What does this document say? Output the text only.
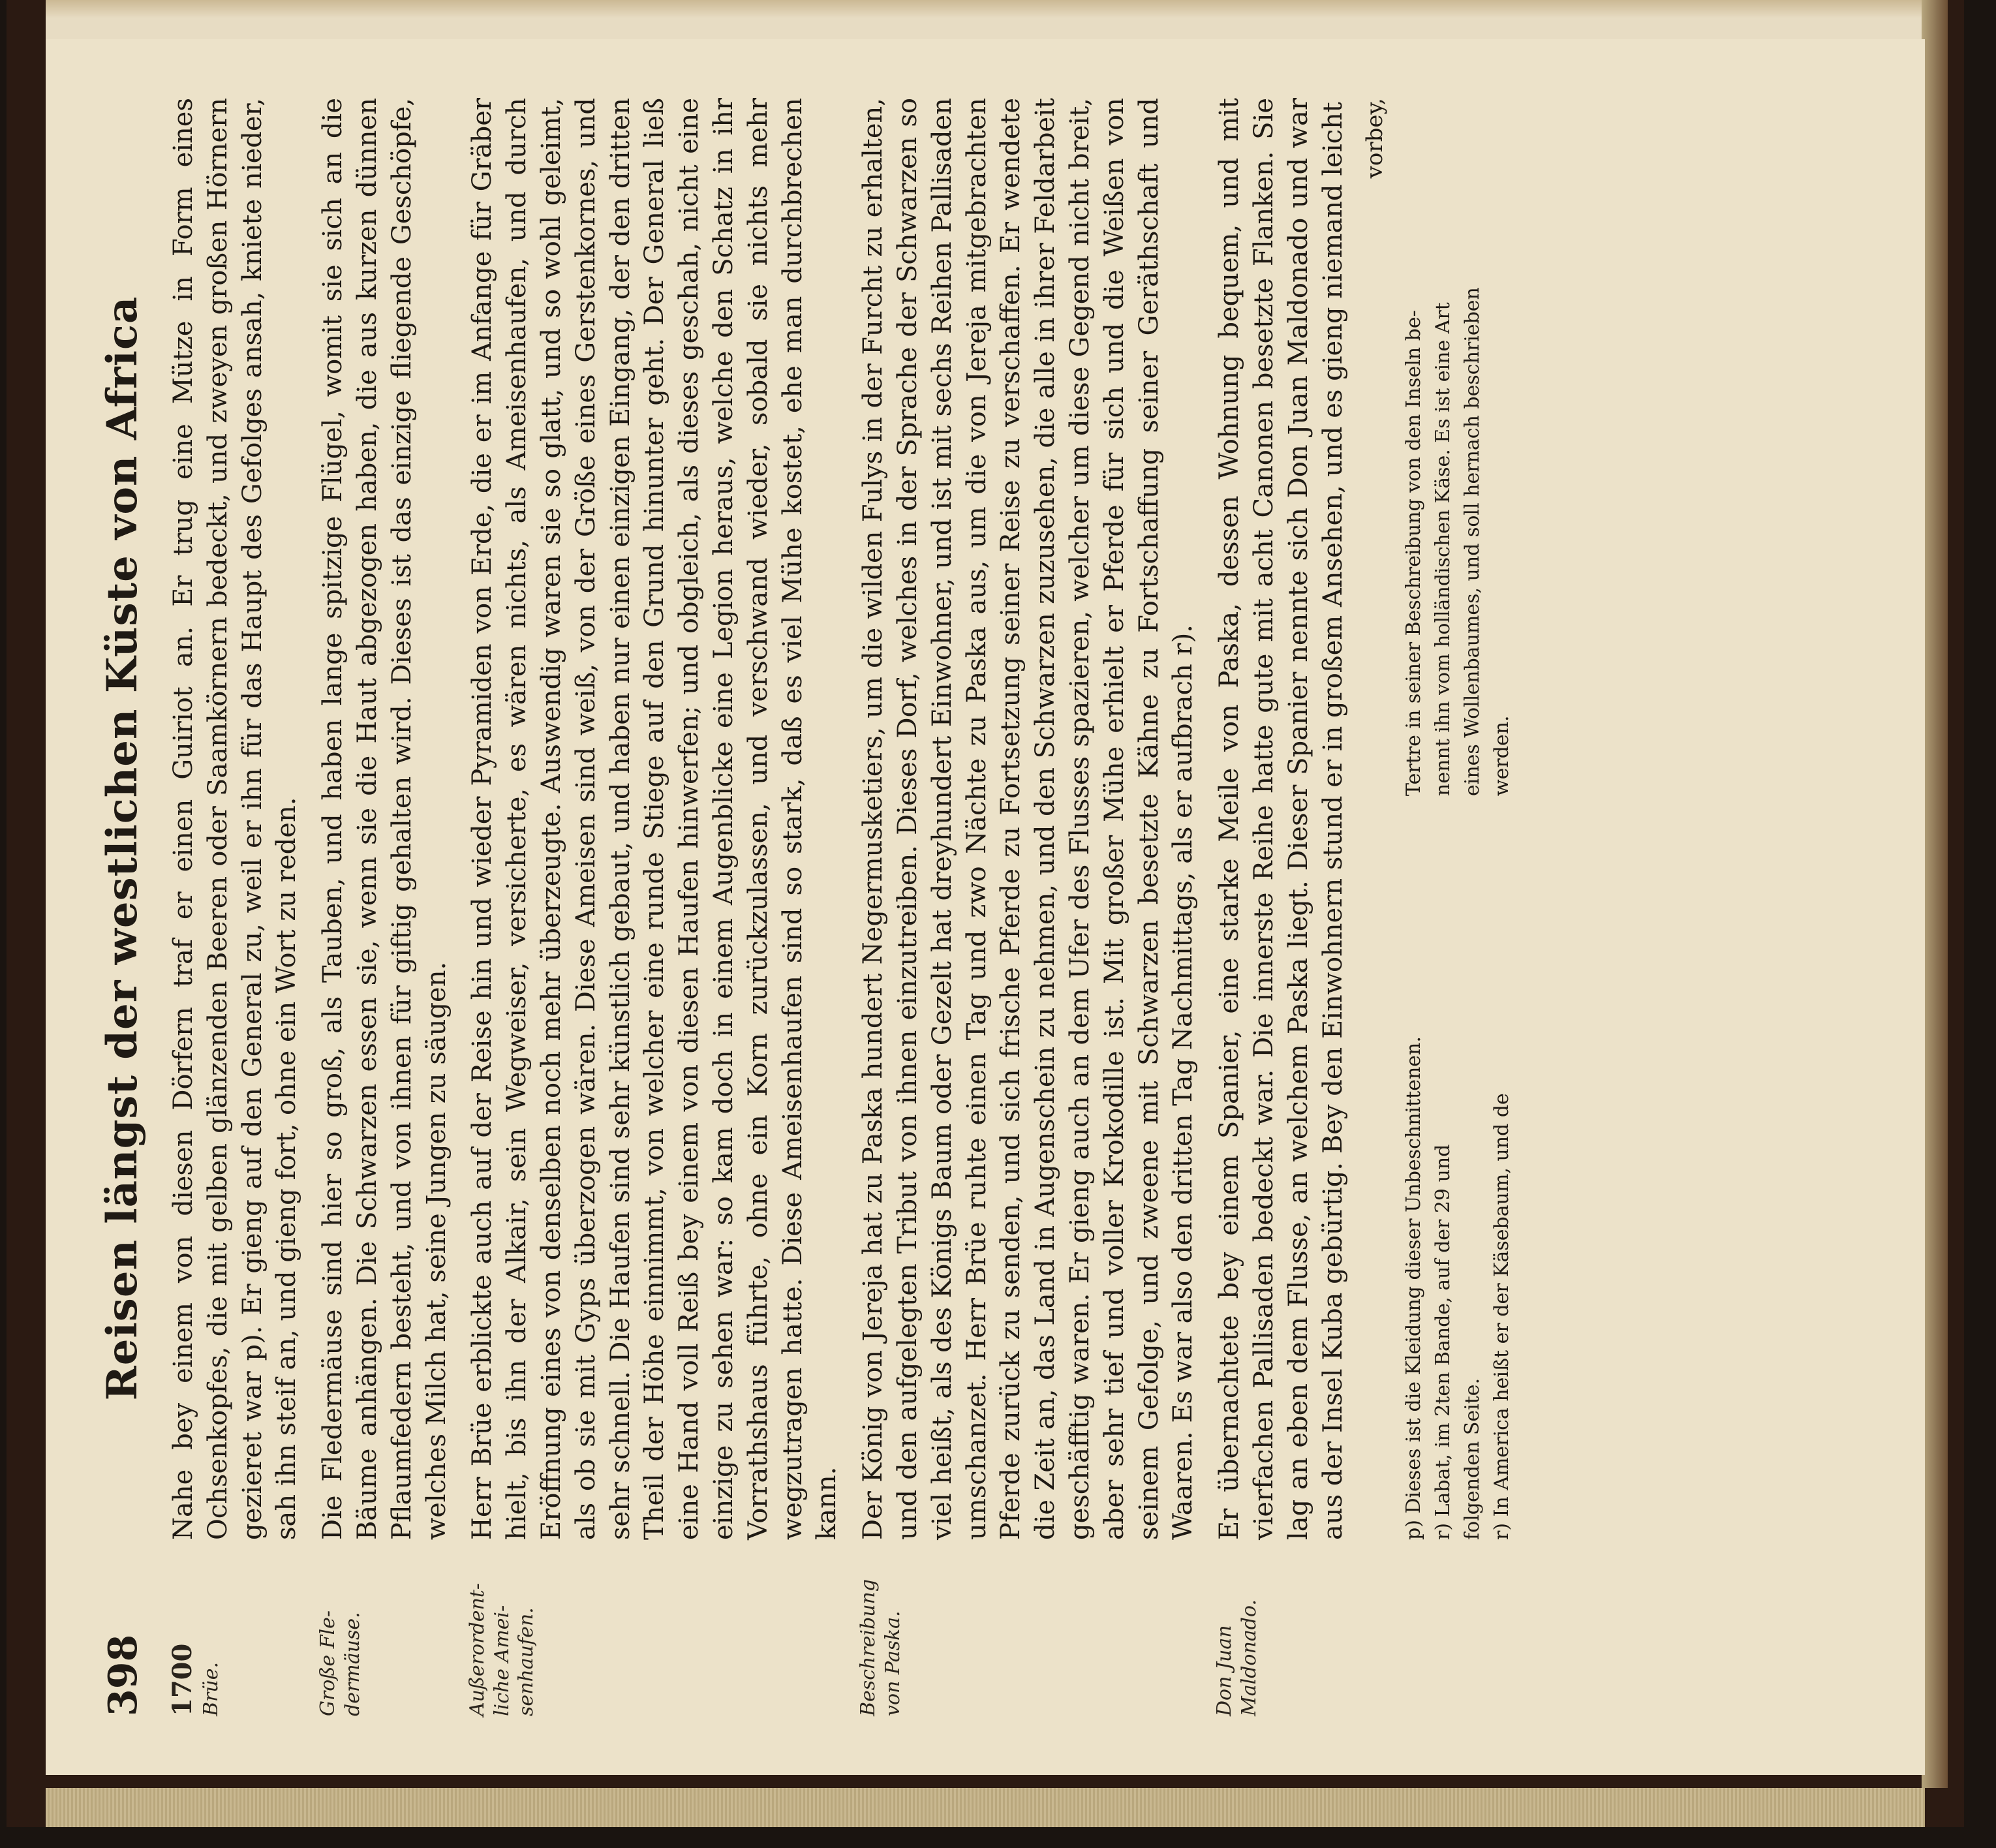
398
Reisen längst der westlichen Küste von Africa
1700 Brüe.

Nahe bey einem von diesen Dörfern traf er einen Guiriot an. Er trug eine Mütze in Form eines Ochsenkopfes, die mit gelben glänzenden Beeren oder Saamkörnern bedeckt, und zweyen großen Hörnern gezieret war p). Er gieng auf den General zu, weil er ihn für das Haupt des Gefolges ansah, kniete nieder, sah ihn steif an, und gieng fort, ohne ein Wort zu reden.

Große Fle-
dermäuse.

Die Fledermäuse sind hier so groß, als Tauben, und haben lange spitzige Flügel, womit sie sich an die Bäume anhängen. Die Schwarzen essen sie, wenn sie die Haut abgezogen haben, die aus kurzen dünnen Pflaumfedern besteht, und von ihnen für giftig gehalten wird. Dieses ist das einzige fliegende Geschöpfe, welches Milch hat, seine Jungen zu säugen.

Außerordent-
liche Amei-
senhaufen.

Herr Brüe erblickte auch auf der Reise hin und wieder Pyramiden von Erde, die er im Anfange für Gräber hielt, bis ihn der Alkair, sein Wegweiser, versicherte, es wären nichts, als Ameisenhaufen, und durch Eröffnung eines von denselben noch mehr überzeugte. Auswendig waren sie so glatt, und so wohl geleimt, als ob sie mit Gyps überzogen wären. Diese Ameisen sind weiß, von der Größe eines Gerstenkornes, und sehr schnell. Die Haufen sind sehr künstlich gebaut, und haben nur einen einzigen Eingang, der den dritten Theil der Höhe einnimmt, von welcher eine runde Stiege auf den Grund hinunter geht. Der General ließ eine Hand voll Reiß bey einem von diesen Haufen hinwerfen; und obgleich, als dieses geschah, nicht eine einzige zu sehen war: so kam doch in einem Augenblicke eine Legion heraus, welche den Schatz in ihr Vorrathshaus führte, ohne ein Korn zurückzulassen, und verschwand wieder, sobald sie nichts mehr wegzutragen hatte. Diese Ameisenhaufen sind so stark, daß es viel Mühe kostet, ehe man durchbrechen kann.

Beschreibung
von Paska.

Der König von Jereja hat zu Paska hundert Negermusketiers, um die wilden Fulys in der Furcht zu erhalten, und den aufgelegten Tribut von ihnen einzutreiben. Dieses Dorf, welches in der Sprache der Schwarzen so viel heißt, als des Königs Baum oder Gezelt hat dreyhundert Einwohner, und ist mit sechs Reihen Pallisaden umschanzet. Herr Brüe ruhte einen Tag und zwo Nächte zu Paska aus, um die von Jereja mitgebrachten Pferde zurück zu senden, und sich frische Pferde zu Fortsetzung seiner Reise zu verschaffen. Er wendete die Zeit an, das Land in Augenschein zu nehmen, und den Schwarzen zuzusehen, die alle in ihrer Feldarbeit geschäfftig waren. Er gieng auch an dem Ufer des Flusses spazieren, welcher um diese Gegend nicht breit, aber sehr tief und voller Krokodille ist. Mit großer Mühe erhielt er Pferde für sich und die Weißen von seinem Gefolge, und zweene mit Schwarzen besetzte Kähne zu Fortschaffung seiner Geräthschaft und Waaren. Es war also den dritten Tag Nachmittags, als er aufbrach r).

Don Juan
Maldonado.

Er übernachtete bey einem Spanier, eine starke Meile von Paska, dessen Wohnung bequem, und mit vierfachen Pallisaden bedeckt war. Die innerste Reihe hatte gute mit acht Canonen besetzte Flanken. Sie lag an eben dem Flusse, an welchem Paska liegt. Dieser Spanier nennte sich Don Juan Maldonado und war aus der Insel Kuba gebürtig. Bey den Einwohnern stund er in großem Ansehen, und es gieng niemand leicht vorbey,

p) Dieses ist die Kleidung dieser Unbeschnittenen.

Tertre in seiner Beschreibung von den Inseln be-

r) Labat, im 2ten Bande, auf der 29 und

nennt ihn vom holländischen Käse. Es ist eine Art

folgenden Seite.

eines Wollenbaumes, und soll hernach beschrieben

r) In America heißt er der Käsebaum, und de

werden.
